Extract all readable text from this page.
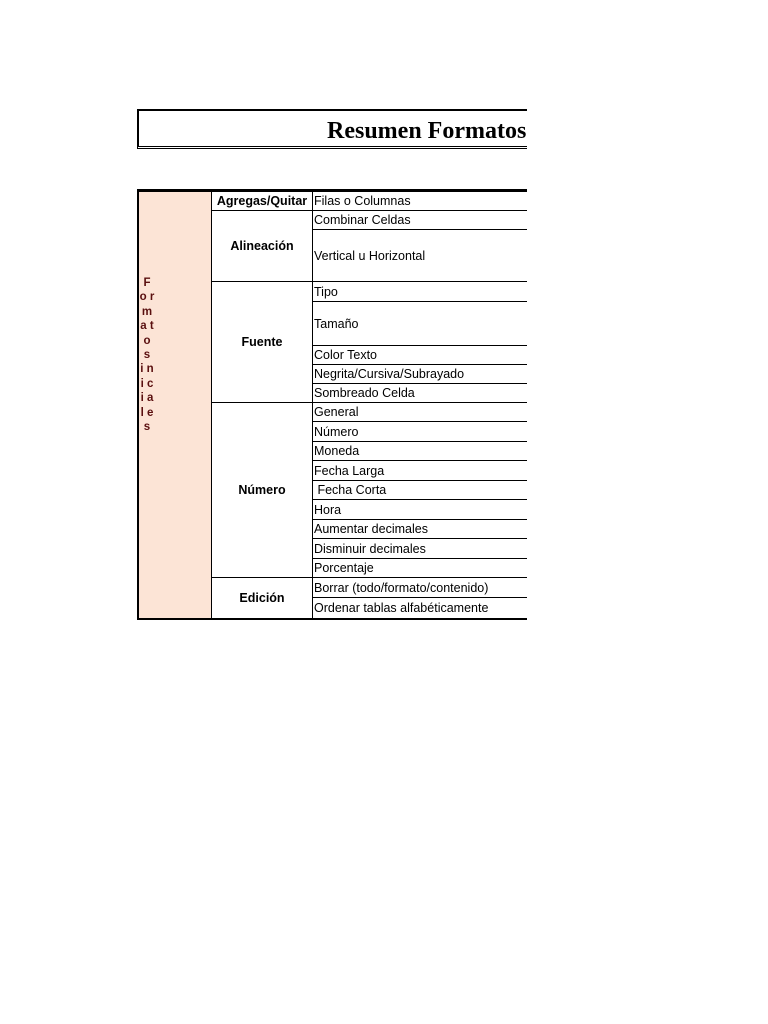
Resumen Formatos
F o r m a t o s   i n i c i a l e s
Agregas/Quitar Filas o Columnas
Alineación
Combinar Celdas
Vertical u Horizontal
Fuente
Tipo
Tamaño
Color Texto
Negrita/Cursiva/Subrayado
Sombreado Celda
Número
General
Número
Moneda
Fecha Larga
Fecha Corta
Hora
Aumentar decimales
Disminuir decimales
Porcentaje
Edición
Borrar (todo/formato/contenido)
Ordenar tablas alfabéticamente
